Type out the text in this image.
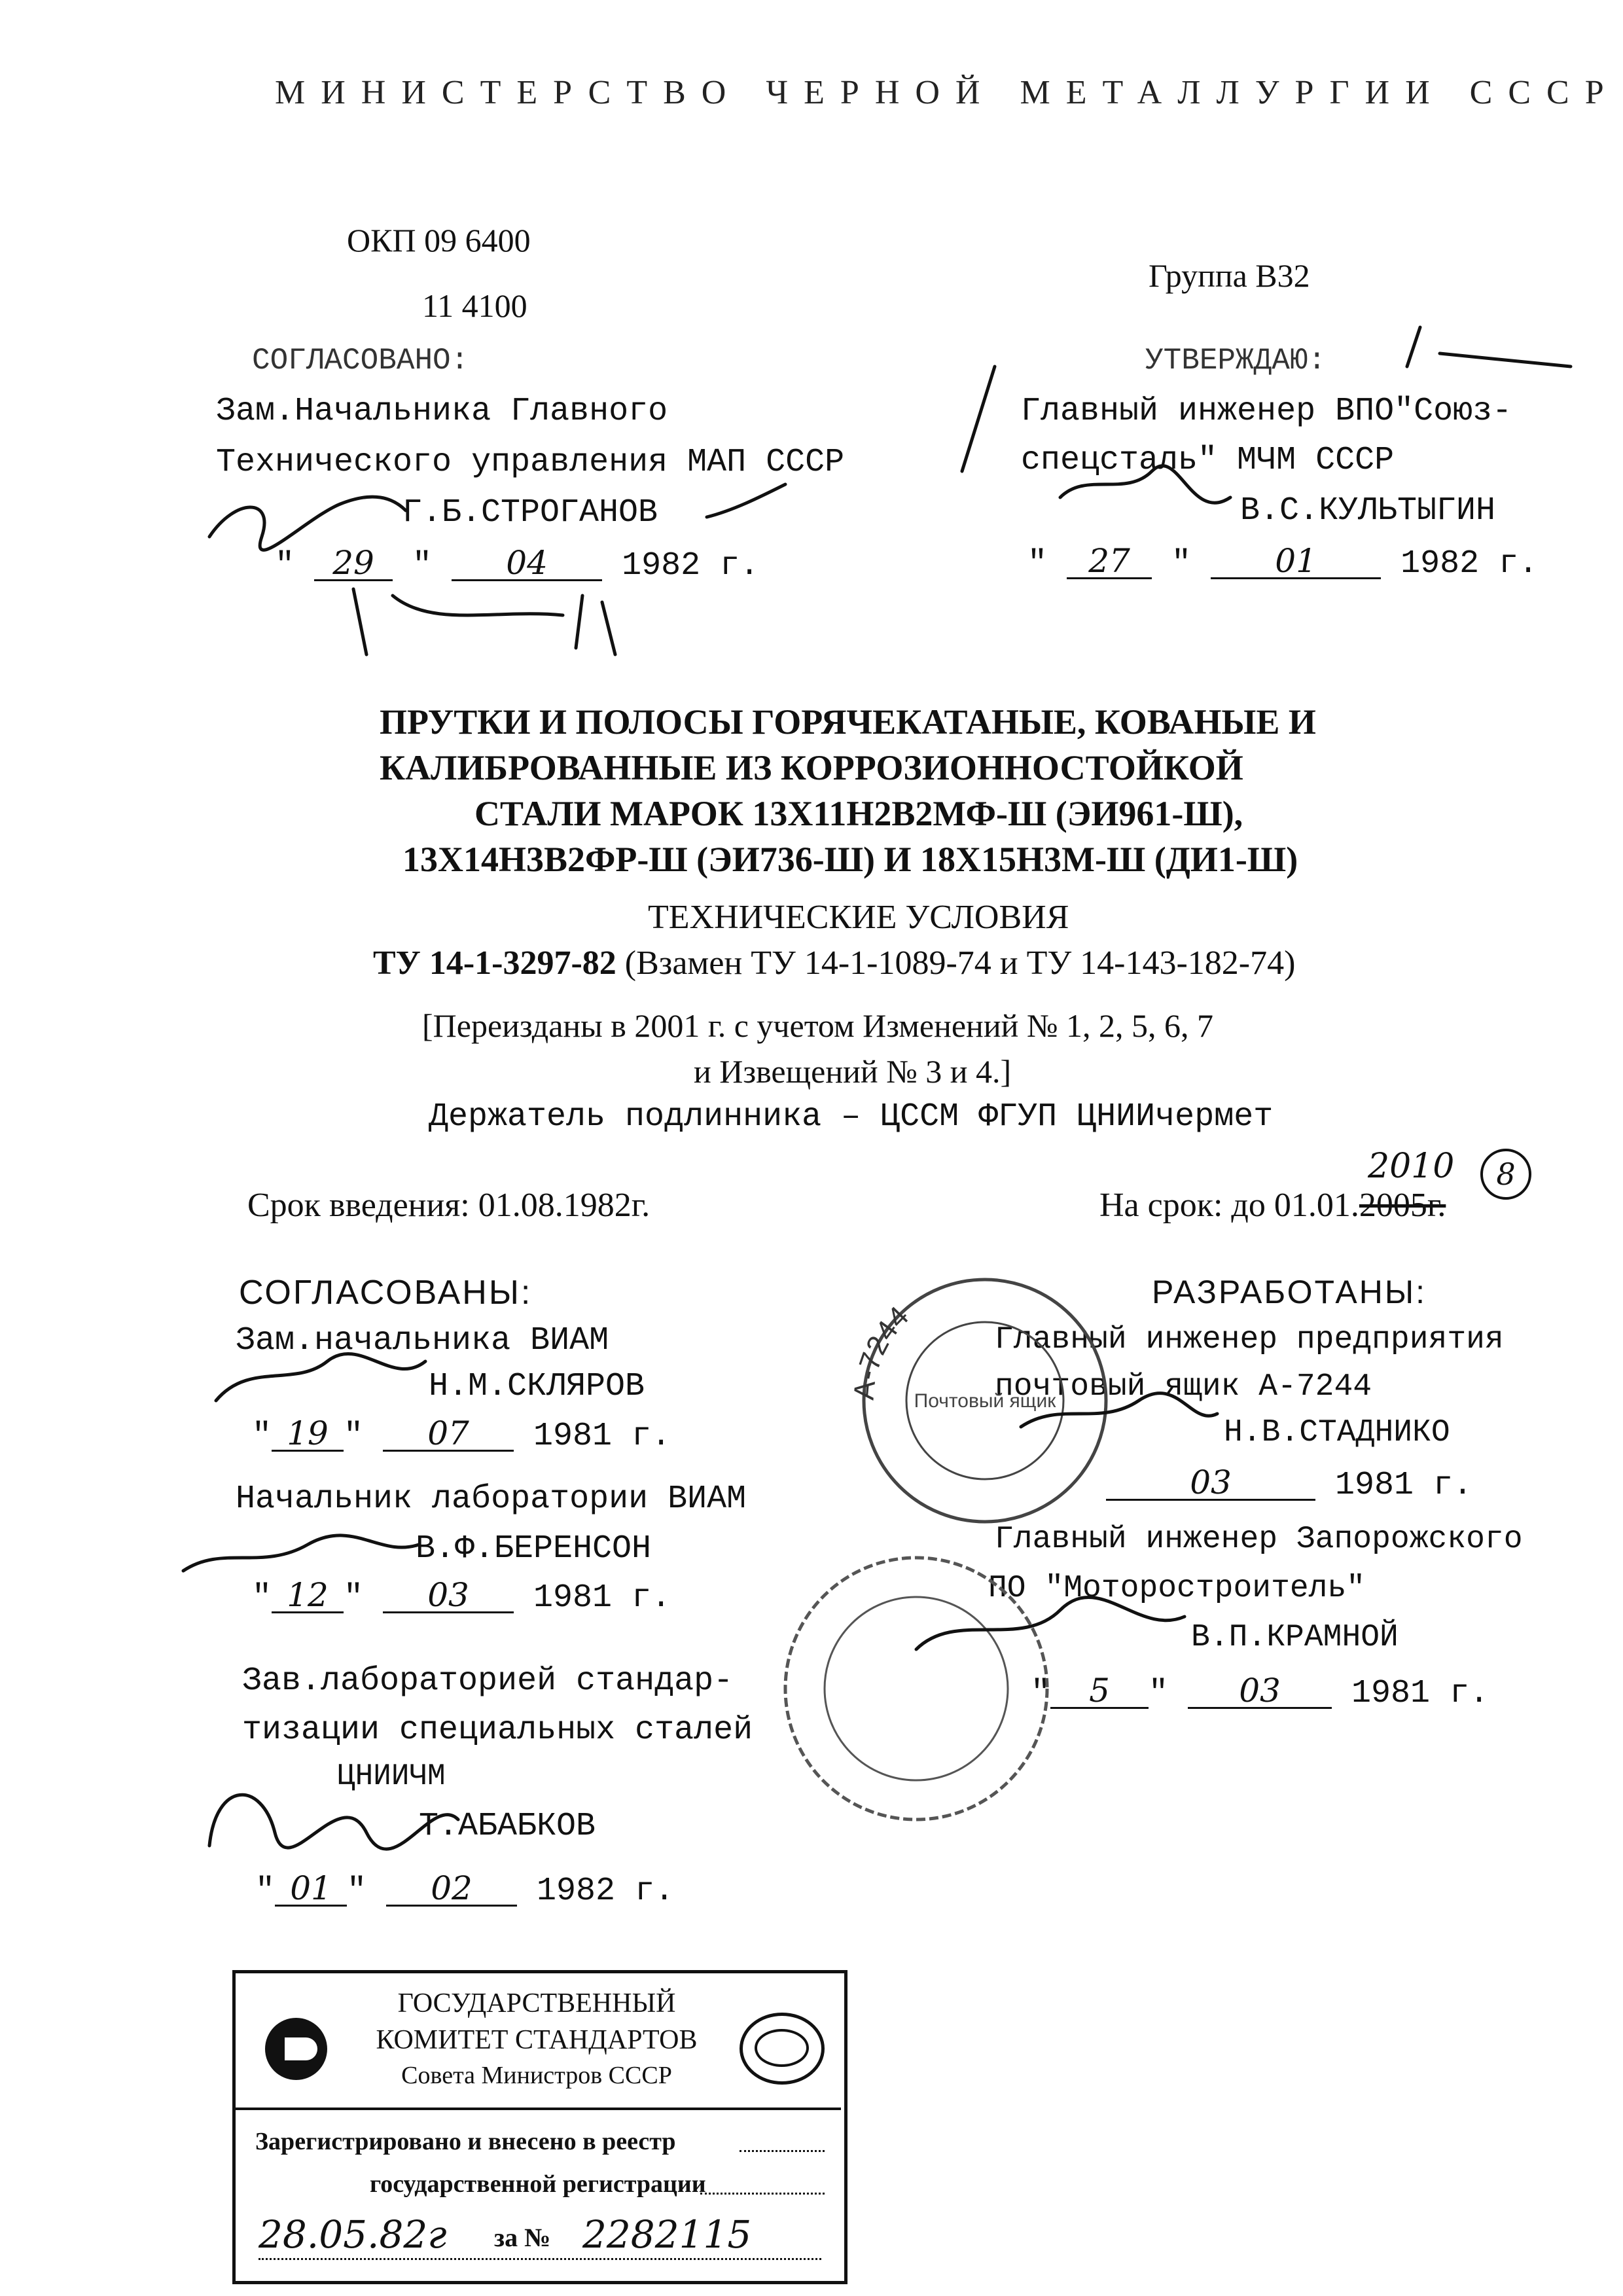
МИНИСТЕРСТВО ЧЕРНОЙ МЕТАЛЛУРГИИ СССР
ОКП 09 6400
11 4100
Группа В32
СОГЛАСОВАНО:
Зам.Начальника Главного
Технического управления МАП СССР
Г.Б.СТРОГАНОВ
" 29 " 04 1982 г.
УТВЕРЖДАЮ:
Главный инженер ВПО"Союз-
спецсталь" МЧМ СССР
В.С.КУЛЬТЫГИН
" 27 "	01	1982 г.
ПРУТКИ И ПОЛОСЫ ГОРЯЧЕКАТАНЫЕ, КОВАНЫЕ И
КАЛИБРОВАННЫЕ ИЗ КОРРОЗИОННОСТОЙКОЙ
СТАЛИ МАРОК 13Х11Н2В2МФ-Ш (ЭИ961-Ш),
13Х14Н3В2ФР-Ш (ЭИ736-Ш) И 18Х15Н3М-Ш (ДИ1-Ш)
ТЕХНИЧЕСКИЕ УСЛОВИЯ
ТУ 14-1-3297-82 (Взамен ТУ 14-1-1089-74 и ТУ 14-143-182-74)
[Переизданы в 2001 г. с учетом Изменений № 1, 2, 5, 6, 7
и Извещений № 3 и 4.]
Держатель подлинника – ЦССМ ФГУП ЦНИИчермет
Срок введения: 01.08.1982г.	На срок: до 01.01.2005г.
2010	8
СОГЛАСОВАНЫ:
Зам.начальника ВИАМ
Н.М.СКЛЯРОВ
" 19 " 07 1981 г.
Начальник лаборатории ВИАМ
В.Ф.БЕРЕНСОН
" 12 " 03 1981 г.
Зав.лабораторией стандар-
тизации специальных сталей
ЦНИИЧМ
Т.АБАБКОВ
" 01 " 02 1982 г.
РАЗРАБОТАНЫ:
Главный инженер предприятия
почтовый ящик А-7244
Н.В.СТАДНИКО
03	1981 г.
Главный инженер Запорожского
ПО "Моторостроитель"
В.П.КРАМНОЙ
" 5 " 03 1981 г.
А-7244
Почтовый ящик
ГОСУДАРСТВЕННЫЙ
КОМИТЕТ СТАНДАРТОВ
Совета Министров СССР
Зарегистрировано и внесено в реестр
государственной регистрации
28.05.82г за № 2282115
